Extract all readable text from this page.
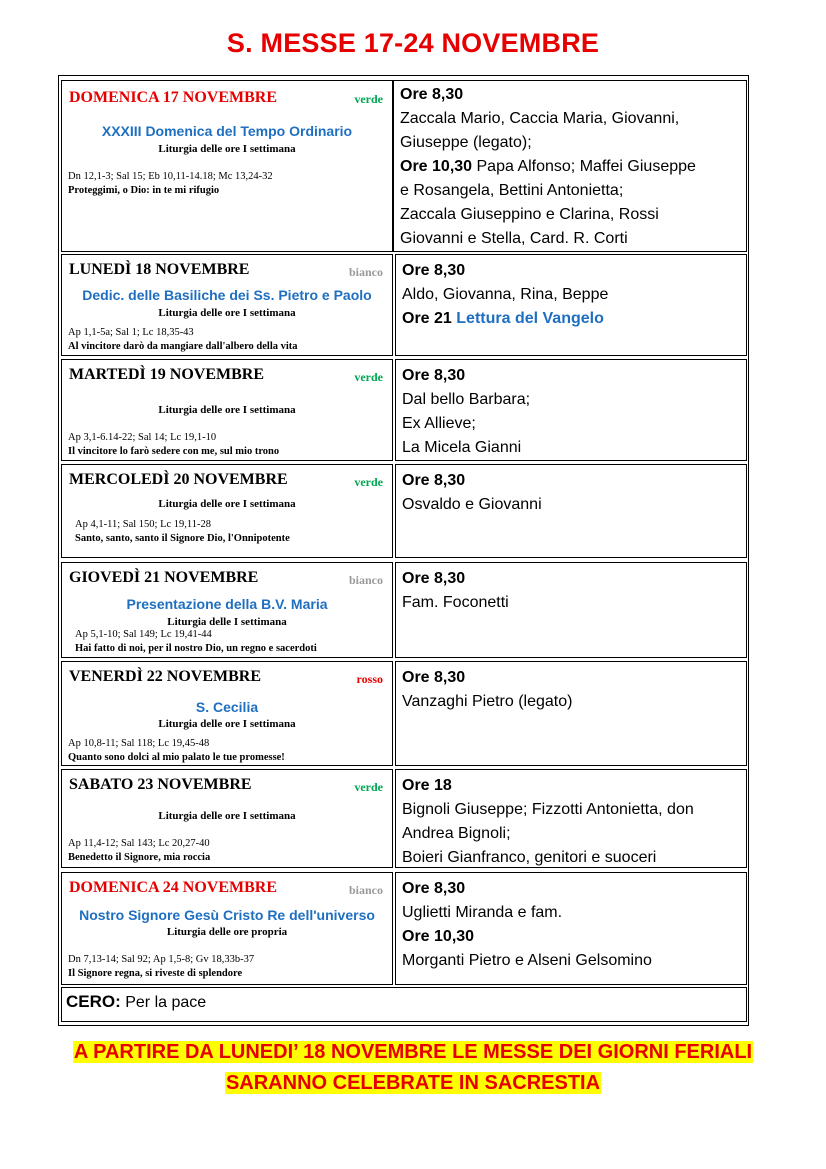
S. MESSE 17-24 NOVEMBRE
DOMENICA 17 NOVEMBRE	verde
XXXIII Domenica del Tempo Ordinario
Liturgia delle ore I settimana
Dn 12,1-3; Sal 15; Eb 10,11-14.18; Mc 13,24-32
Proteggimi, o Dio: in te mi rifugio
Ore 8,30
Zaccala Mario, Caccia Maria, Giovanni,
Giuseppe (legato);
Ore 10,30 Papa Alfonso; Maffei Giuseppe
e Rosangela, Bettini Antonietta;
Zaccala Giuseppino e Clarina, Rossi
Giovanni e Stella, Card. R. Corti
LUNEDÌ 18 NOVEMBRE	bianco
Dedic. delle Basiliche dei Ss. Pietro e Paolo
Liturgia delle ore I settimana
Ap 1,1-5a; Sal 1; Lc 18,35-43
Al vincitore darò da mangiare dall'albero della vita
Ore 8,30
Aldo, Giovanna, Rina, Beppe
Ore 21 Lettura del Vangelo
MARTEDÌ 19 NOVEMBRE	verde
Liturgia delle ore I settimana
Ap 3,1-6.14-22; Sal 14; Lc 19,1-10
Il vincitore lo farò sedere con me, sul mio trono
Ore 8,30
Dal bello Barbara;
Ex Allieve;
La Micela Gianni
MERCOLEDÌ 20 NOVEMBRE	verde
Liturgia delle ore I settimana
Ap 4,1-11; Sal 150; Lc 19,11-28
Santo, santo, santo il Signore Dio, l'Onnipotente
Ore 8,30
Osvaldo e Giovanni
GIOVEDÌ 21 NOVEMBRE	bianco
Presentazione della B.V. Maria
Liturgia delle I settimana
Ap 5,1-10; Sal 149; Lc 19,41-44
Hai fatto di noi, per il nostro Dio, un regno e sacerdoti
Ore 8,30
Fam. Foconetti
VENERDÌ 22 NOVEMBRE	rosso
S. Cecilia
Liturgia delle ore I settimana
Ap 10,8-11; Sal 118; Lc 19,45-48
Quanto sono dolci al mio palato le tue promesse!
Ore 8,30
Vanzaghi Pietro (legato)
SABATO 23 NOVEMBRE	verde
Liturgia delle ore I settimana
Ap 11,4-12; Sal 143; Lc 20,27-40
Benedetto il Signore, mia roccia
Ore 18
Bignoli Giuseppe; Fizzotti Antonietta, don
Andrea Bignoli;
Boieri Gianfranco, genitori e suoceri
DOMENICA 24 NOVEMBRE	bianco
Nostro Signore Gesù Cristo Re dell'universo
Liturgia delle ore propria
Dn 7,13-14; Sal 92; Ap 1,5-8; Gv 18,33b-37
Il Signore regna, si riveste di splendore
Ore 8,30
Uglietti Miranda e fam.
Ore 10,30
Morganti Pietro e Alseni Gelsomino
CERO: Per la pace
A PARTIRE DA LUNEDI’ 18 NOVEMBRE LE MESSE DEI GIORNI FERIALI
SARANNO CELEBRATE IN SACRESTIA
